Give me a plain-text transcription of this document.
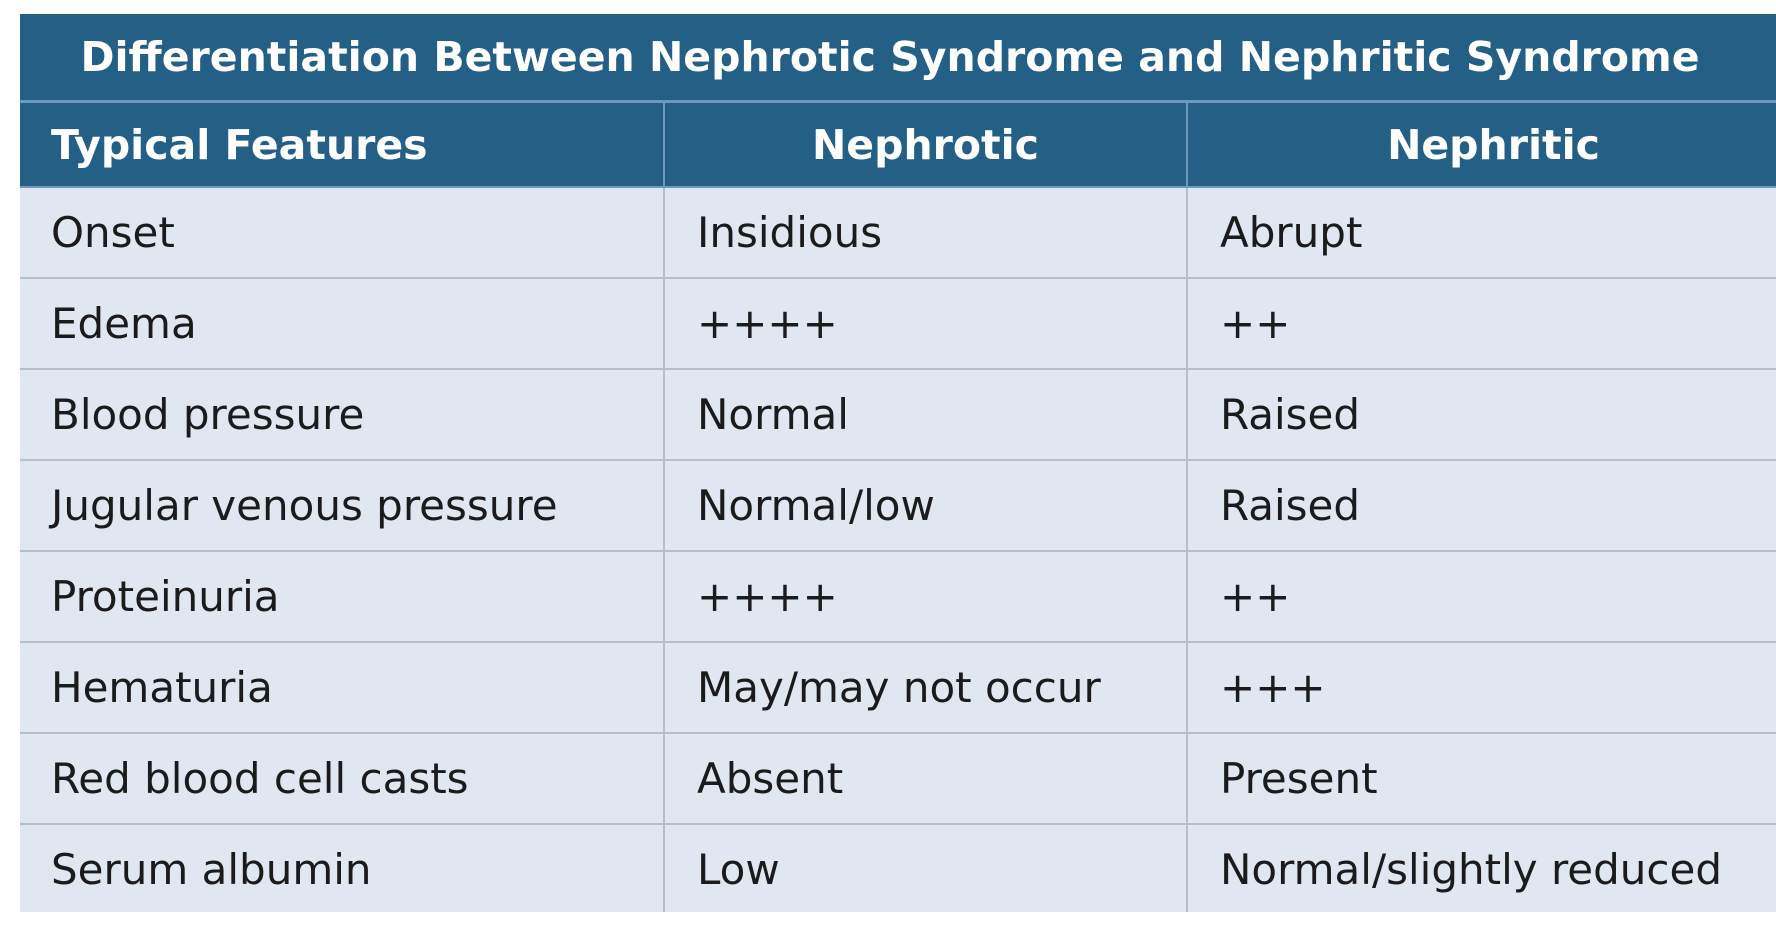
Differentiation Between Nephrotic Syndrome and Nephritic Syndrome		
Typical Features	Nephrotic	Nephritic
Onset	Insidious	Abrupt
Edema	++++	++
Blood pressure	Normal	Raised
Jugular venous pressure	Normal/low	Raised
Proteinuria	++++	++
Hematuria	May/may not occur	+++
Red blood cell casts	Absent	Present
Serum albumin	Low	Normal/slightly reduced
